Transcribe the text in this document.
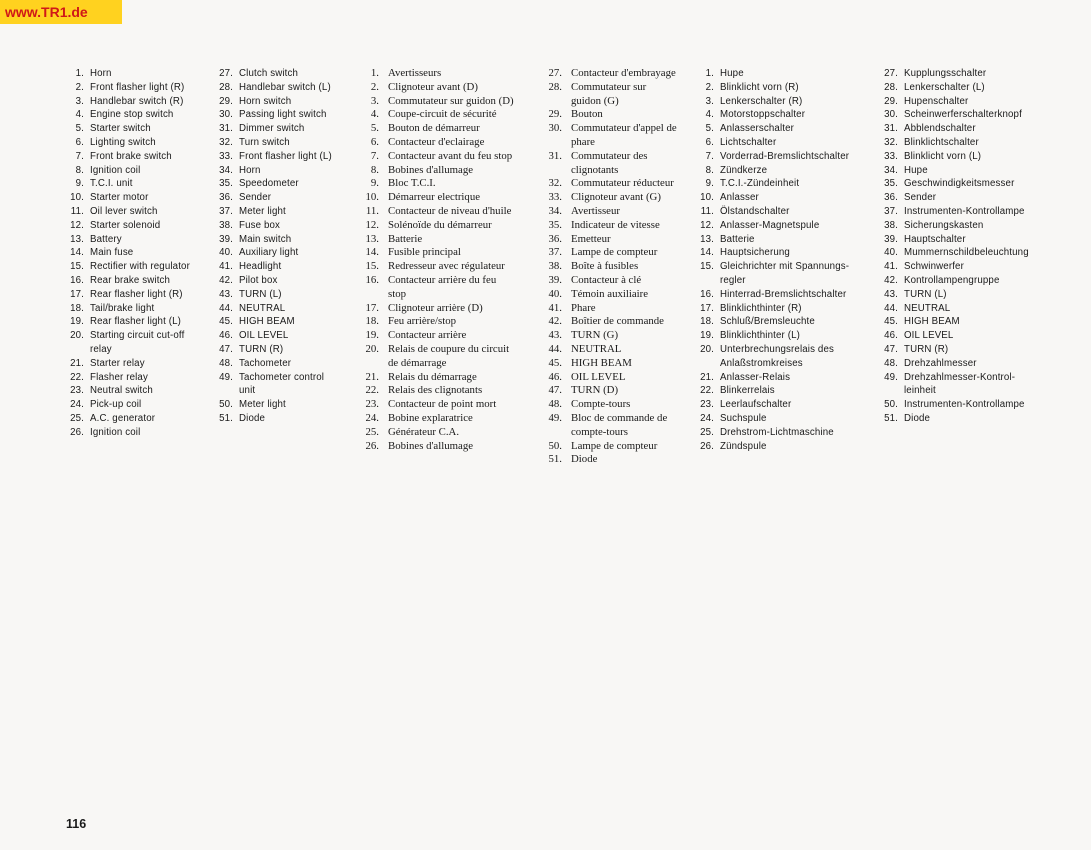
www.TR1.de
1. Horn
2. Front flasher light (R)
3. Handlebar switch (R)
4. Engine stop switch
5. Starter switch
6. Lighting switch
7. Front brake switch
8. Ignition coil
9. T.C.I. unit
10. Starter motor
11. Oil lever switch
12. Starter solenoid
13. Battery
14. Main fuse
15. Rectifier with regulator
16. Rear brake switch
17. Rear flasher light (R)
18. Tail/brake light
19. Rear flasher light (L)
20. Starting circuit cut-off
relay
21. Starter relay
22. Flasher relay
23. Neutral switch
24. Pick-up coil
25. A.C. generator
26. Ignition coil
27. Clutch switch
28. Handlebar switch (L)
29. Horn switch
30. Passing light switch
31. Dimmer switch
32. Turn switch
33. Front flasher light (L)
34. Horn
35. Speedometer
36. Sender
37. Meter light
38. Fuse box
39. Main switch
40. Auxiliary light
41. Headlight
42. Pilot box
43. TURN (L)
44. NEUTRAL
45. HIGH BEAM
46. OIL LEVEL
47. TURN (R)
48. Tachometer
49. Tachometer control
unit
50. Meter light
51. Diode
1. Avertisseurs
2. Clignoteur avant (D)
3. Commutateur sur guidon (D)
4. Coupe-circuit de sécurité
5. Bouton de démarreur
6. Contacteur d'eclairage
7. Contacteur avant du feu stop
8. Bobines d'allumage
9. Bloc T.C.I.
10. Démarreur electrique
11. Contacteur de niveau d'huile
12. Solénoïde du démarreur
13. Batterie
14. Fusible principal
15. Redresseur avec régulateur
16. Contacteur arrière du feu
stop
17. Clignoteur arrière (D)
18. Feu arrière/stop
19. Contacteur arrière
20. Relais de coupure du circuit
de démarrage
21. Relais du démarrage
22. Relais des clignotants
23. Contacteur de point mort
24. Bobine explaratrice
25. Générateur C.A.
26. Bobines d'allumage
27. Contacteur d'embrayage
28. Commutateur sur
guidon (G)
29. Bouton
30. Commutateur d'appel de
phare
31. Commutateur des
clignotants
32. Commutateur réducteur
33. Clignoteur avant (G)
34. Avertisseur
35. Indicateur de vitesse
36. Emetteur
37. Lampe de compteur
38. Boîte à fusibles
39. Contacteur à clé
40. Témoin auxiliaire
41. Phare
42. Boîtier de commande
43. TURN (G)
44. NEUTRAL
45. HIGH BEAM
46. OIL LEVEL
47. TURN (D)
48. Compte-tours
49. Bloc de commande de
compte-tours
50. Lampe de compteur
51. Diode
1. Hupe
2. Blinklicht vorn (R)
3. Lenkerschalter (R)
4. Motorstoppschalter
5. Anlasserschalter
6. Lichtschalter
7. Vorderrad-Bremslichtschalter
8. Zündkerze
9. T.C.I.-Zündeinheit
10. Anlasser
11. Ölstandschalter
12. Anlasser-Magnetspule
13. Batterie
14. Hauptsicherung
15. Gleichrichter mit Spannungs-
regler
16. Hinterrad-Bremslichtschalter
17. Blinklichthinter (R)
18. Schluß/Bremsleuchte
19. Blinklichthinter (L)
20. Unterbrechungsrelais des
Anlaßstromkreises
21. Anlasser-Relais
22. Blinkerrelais
23. Leerlaufschalter
24. Suchspule
25. Drehstrom-Lichtmaschine
26. Zündspule
27. Kupplungsschalter
28. Lenkerschalter (L)
29. Hupenschalter
30. Scheinwerferschalterknopf
31. Abblendschalter
32. Blinklichtschalter
33. Blinklicht vorn (L)
34. Hupe
35. Geschwindigkeitsmesser
36. Sender
37. Instrumenten-Kontrollampe
38. Sicherungskasten
39. Hauptschalter
40. Mummernschildbeleuchtung
41. Schwinwerfer
42. Kontrollampengruppe
43. TURN (L)
44. NEUTRAL
45. HIGH BEAM
46. OIL LEVEL
47. TURN (R)
48. Drehzahlmesser
49. Drehzahlmesser-Kontrol-
leinheit
50. Instrumenten-Kontrollampe
51. Diode
116
